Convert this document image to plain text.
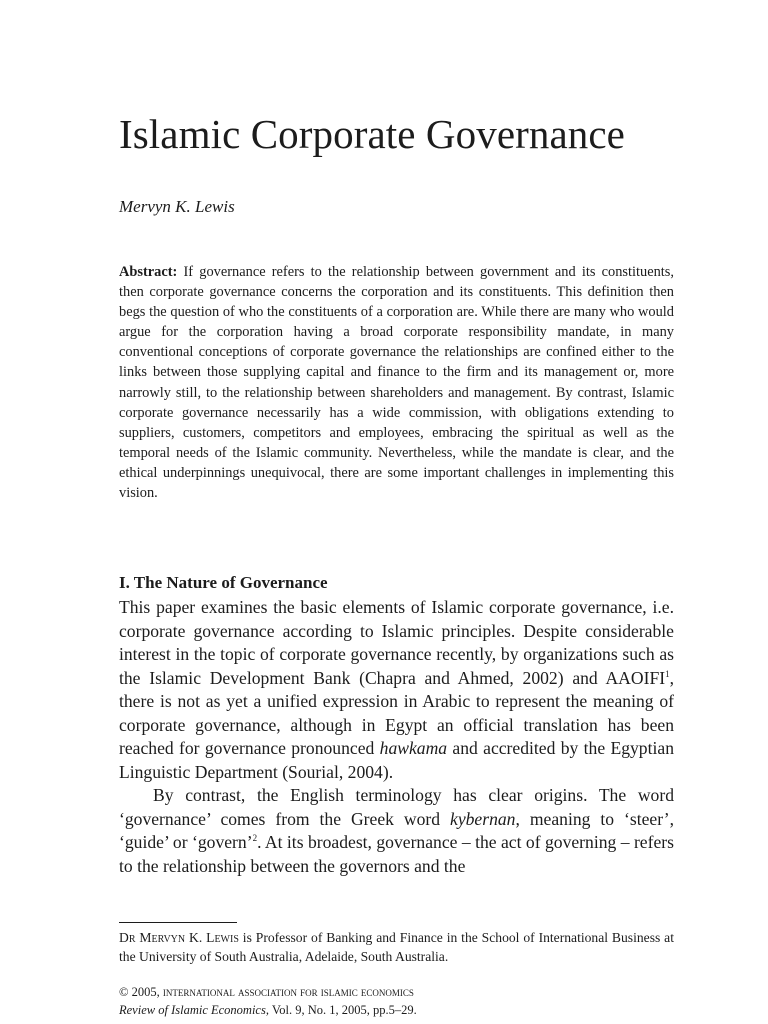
Islamic Corporate Governance
Mervyn K. Lewis

Abstract: If governance refers to the relationship between government and its constituents, then corporate governance concerns the corporation and its constituents. This definition then begs the question of who the constituents of a corporation are. While there are many who would argue for the corporation having a broad corporate responsibility mandate, in many conventional conceptions of corporate governance the relationships are confined either to the links between those supplying capital and finance to the firm and its management or, more narrowly still, to the relationship between shareholders and management. By contrast, Islamic corporate governance necessarily has a wide commission, with obligations extending to suppliers, customers, competitors and employees, embracing the spiritual as well as the temporal needs of the Islamic community. Nevertheless, while the mandate is clear, and the ethical underpinnings unequivocal, there are some important challenges in implementing this vision.

I. The Nature of Governance

This paper examines the basic elements of Islamic corporate governance, i.e. corporate governance according to Islamic principles. Despite considerable interest in the topic of corporate governance recently, by organizations such as the Islamic Development Bank (Chapra and Ahmed, 2002) and AAOIFI$^1$, there is not as yet a unified expression in Arabic to represent the meaning of corporate governance, although in Egypt an official translation has been reached for governance pronounced hawkama and accredited by the Egyptian Linguistic Department (Sourial, 2004).

By contrast, the English terminology has clear origins. The word ‘governance’ comes from the Greek word kybernan, meaning to ‘steer’, ‘guide’ or ‘govern’$^2$. At its broadest, governance – the act of governing – refers to the relationship between the governors and the

Dr Mervyn K. Lewis is Professor of Banking and Finance in the School of International Business at the University of South Australia, Adelaide, South Australia.

© 2005, international association for islamic economics
Review of Islamic Economics, Vol. 9, No. 1, 2005, pp.5–29.
